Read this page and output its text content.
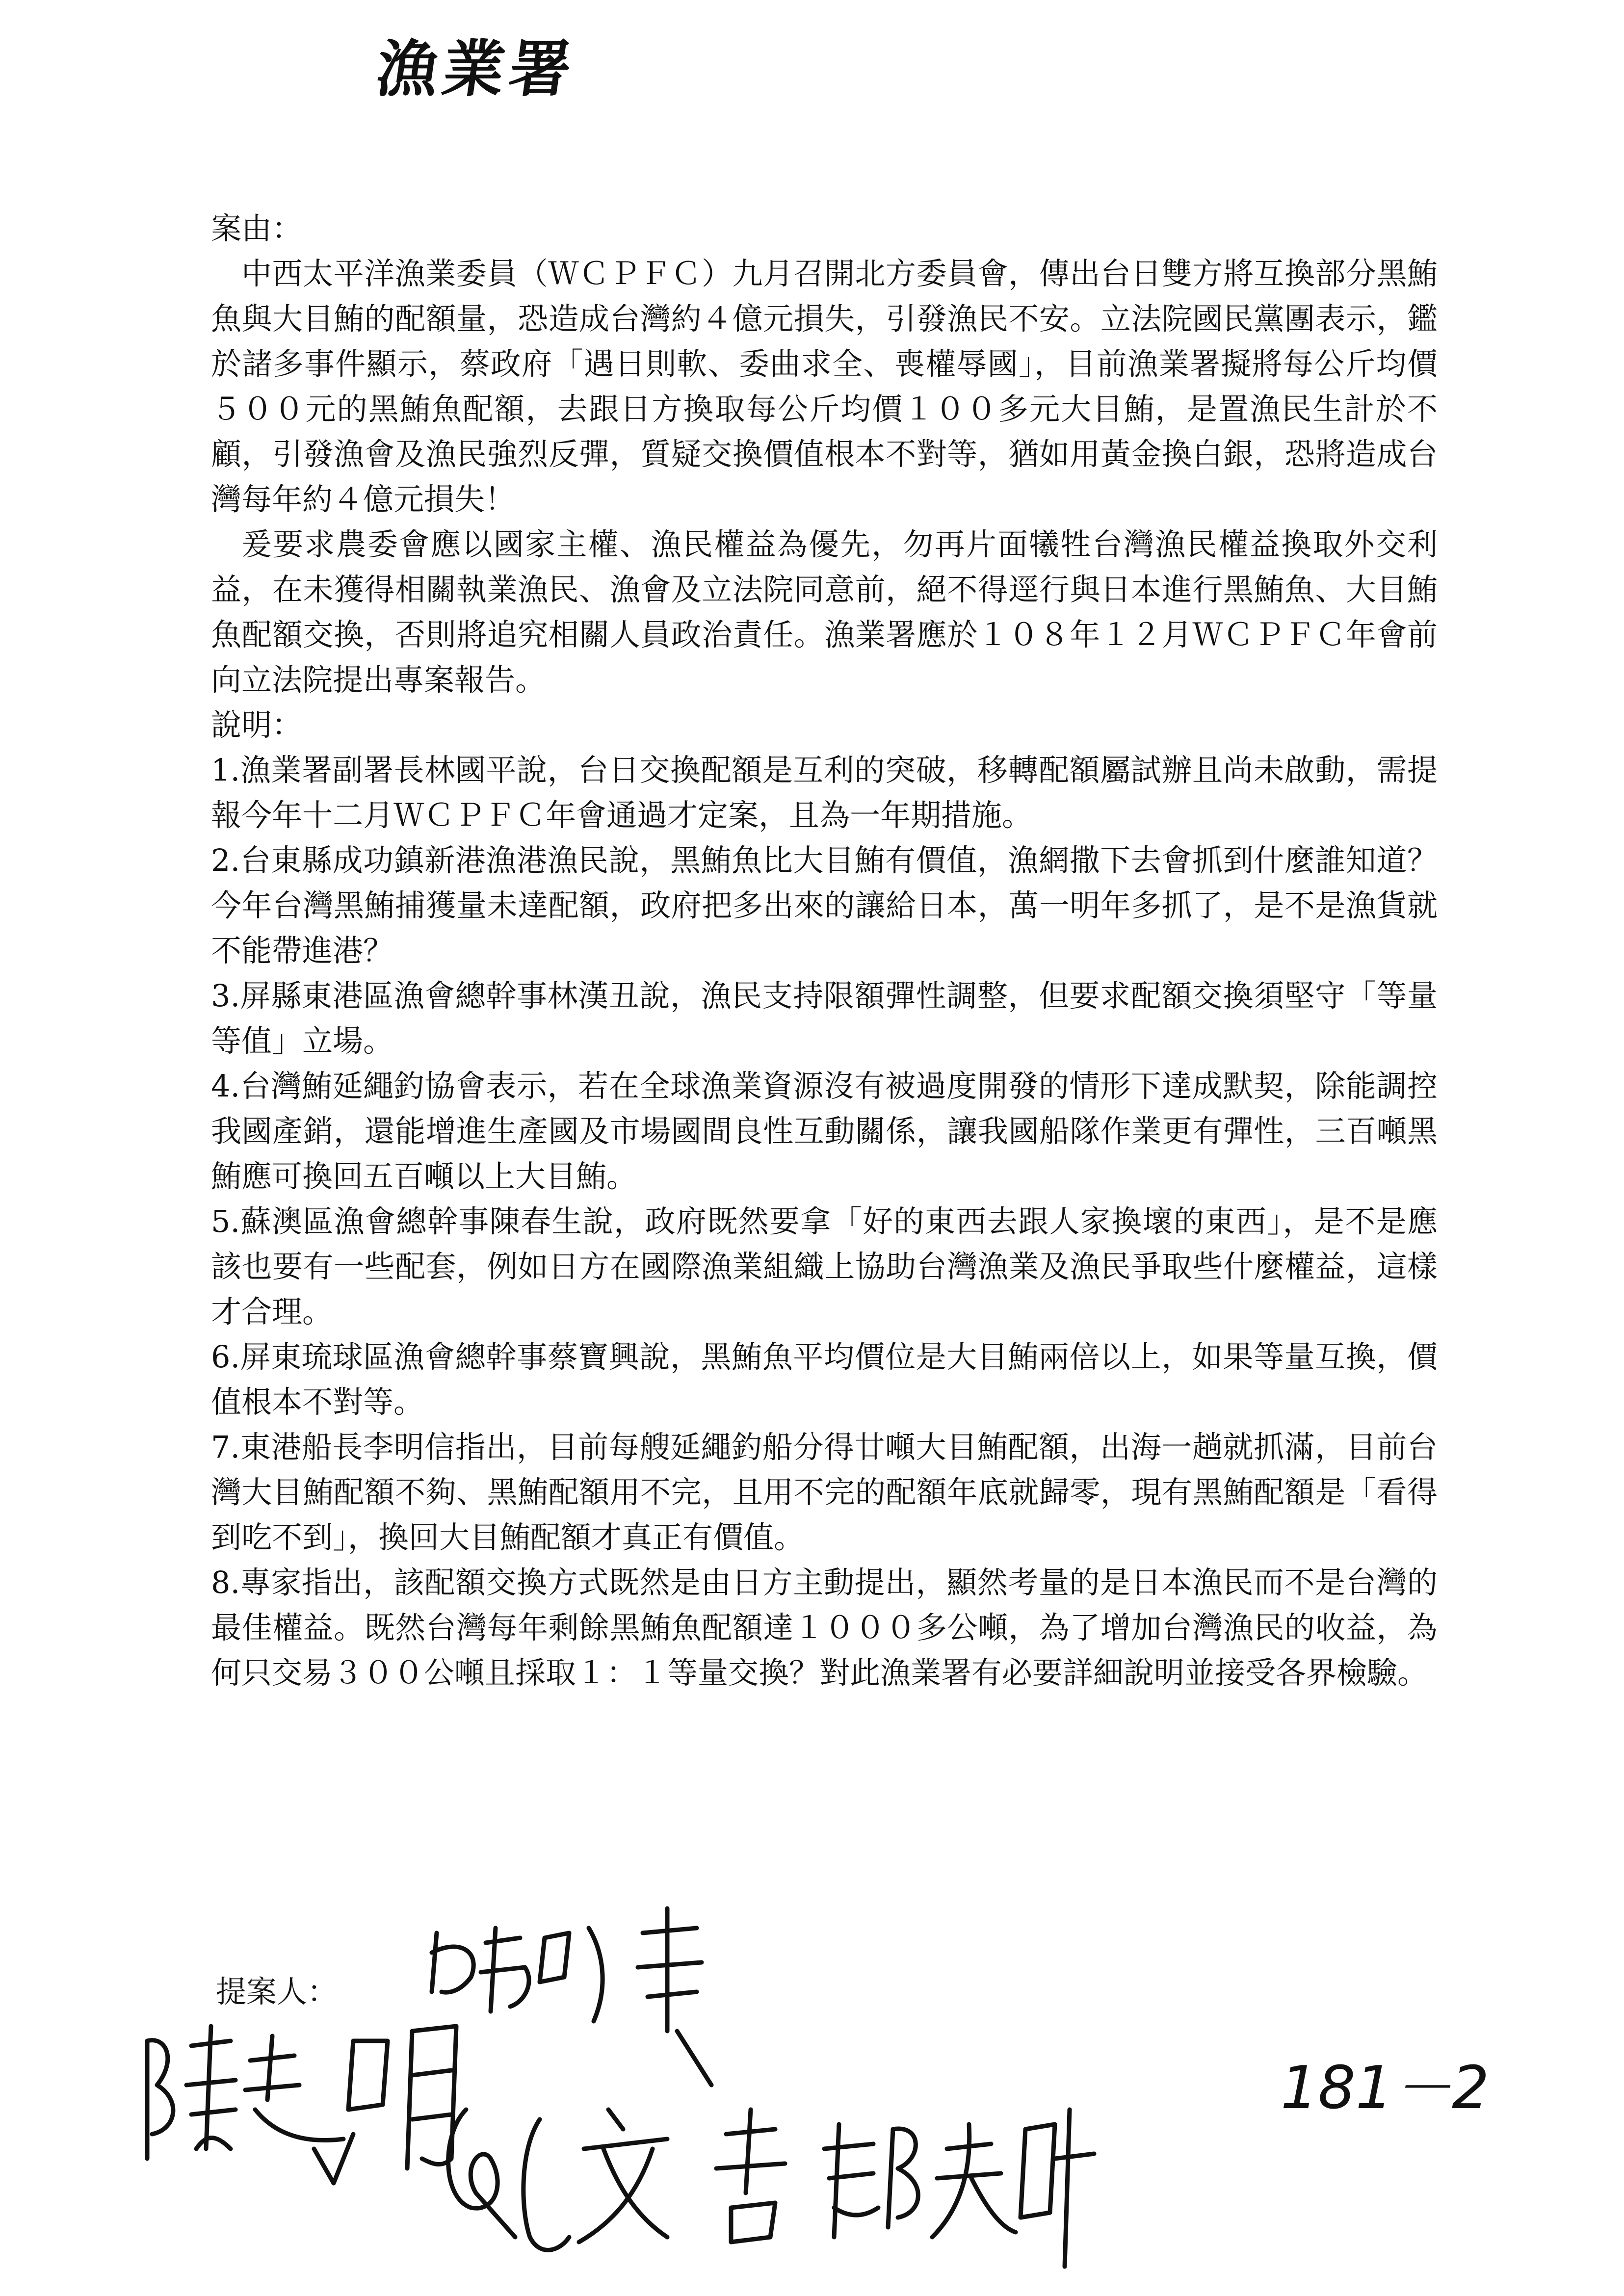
漁業署

案由：

中西太平洋漁業委員（ＷＣＰＦＣ）九月召開北方委員會，傳出台日雙方將互換部分黑鮪魚與大目鮪的配額量，恐造成台灣約４億元損失，引發漁民不安。立法院國民黨團表示，鑑於諸多事件顯示，蔡政府「遇日則軟、委曲求全、喪權辱國」，目前漁業署擬將每公斤均價５００元的黑鮪魚配額，去跟日方換取每公斤均價１００多元大目鮪，是置漁民生計於不顧，引發漁會及漁民強烈反彈，質疑交換價值根本不對等，猶如用黃金換白銀，恐將造成台灣每年約４億元損失！

爰要求農委會應以國家主權、漁民權益為優先，勿再片面犧牲台灣漁民權益換取外交利益，在未獲得相關執業漁民、漁會及立法院同意前，絕不得逕行與日本進行黑鮪魚、大目鮪魚配額交換，否則將追究相關人員政治責任。漁業署應於１０８年１２月ＷＣＰＦＣ年會前向立法院提出專案報告。

說明：

1.漁業署副署長林國平說，台日交換配額是互利的突破，移轉配額屬試辦且尚未啟動，需提報今年十二月ＷＣＰＦＣ年會通過才定案，且為一年期措施。

2.台東縣成功鎮新港漁港漁民說，黑鮪魚比大目鮪有價值，漁網撒下去會抓到什麼誰知道？今年台灣黑鮪捕獲量未達配額，政府把多出來的讓給日本，萬一明年多抓了，是不是漁貨就不能帶進港？

3.屏縣東港區漁會總幹事林漢丑說，漁民支持限額彈性調整，但要求配額交換須堅守「等量等值」立場。

4.台灣鮪延繩釣協會表示，若在全球漁業資源沒有被過度開發的情形下達成默契，除能調控我國產銷，還能增進生產國及市場國間良性互動關係，讓我國船隊作業更有彈性，三百噸黑鮪應可換回五百噸以上大目鮪。

5.蘇澳區漁會總幹事陳春生說，政府既然要拿「好的東西去跟人家換壞的東西」，是不是應該也要有一些配套，例如日方在國際漁業組織上協助台灣漁業及漁民爭取些什麼權益，這樣才合理。

6.屏東琉球區漁會總幹事蔡寶興說，黑鮪魚平均價位是大目鮪兩倍以上，如果等量互換，價值根本不對等。

7.東港船長李明信指出，目前每艘延繩釣船分得廿噸大目鮪配額，出海一趟就抓滿，目前台灣大目鮪配額不夠、黑鮪配額用不完，且用不完的配額年底就歸零，現有黑鮪配額是「看得到吃不到」，換回大目鮪配額才真正有價值。

8.專家指出，該配額交換方式既然是由日方主動提出，顯然考量的是日本漁民而不是台灣的最佳權益。既然台灣每年剩餘黑鮪魚配額達１０００多公噸，為了增加台灣漁民的收益，為何只交易３００公噸且採取１：１等量交換？對此漁業署有必要詳細說明並接受各界檢驗。

提案人：
181－2
